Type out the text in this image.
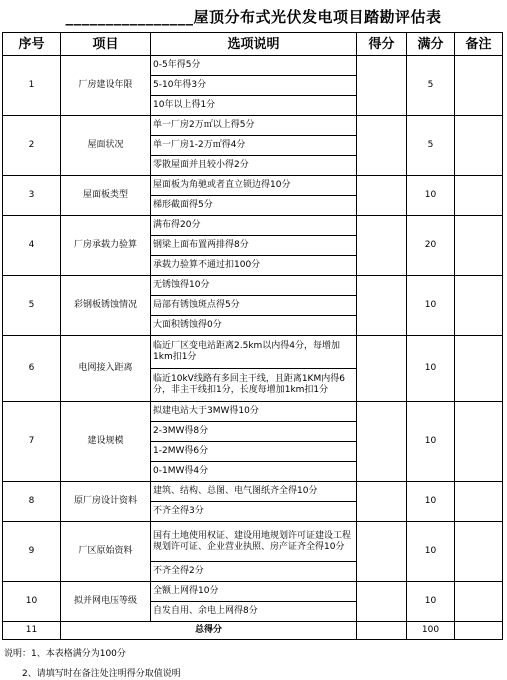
________________屋顶分布式光伏发电项目踏勘评估表
序号	项目	选项说明	得分	满分	备注
1	厂房建设年限	0-5年得5分		5	
		5-10年得3分			
		10年以上得1分			
2	屋面状况	单一厂房2万㎡以上得5分		5	
		单一厂房1-2万㎡得4分			
		零散屋面并且较小得2分			
3	屋面板类型	屋面板为角驰或者直立锁边得10分		10	
		梯形截面得5分			
4	厂房承载力验算	满布得20分		20	
		钢梁上面布置两排得8分			
		承载力验算不通过扣100分			
5	彩钢板锈蚀情况	无锈蚀得10分		10	
		局部有锈蚀斑点得5分			
		大面积锈蚀得0分			
6	电网接入距离	临近厂区变电站距离2.5km以内得4分，每增加1km扣1分		10	
		临近10kV线路有多回主干线，且距离1KM内得6分，非主干线扣1分，长度每增加1km扣1分			
7	建设规模	拟建电站大于3MW得10分		10	
		2-3MW得8分			
		1-2MW得6分			
		0-1MW得4分			
8	原厂房设计资料	建筑、结构、总图、电气图纸齐全得10分		10	
		不齐全得3分			
9	厂区原始资料	国有土地使用权证、建设用地规划许可证建设工程规划许可证、企业营业执照、房产证齐全得10分		10	
		不齐全得2分			
10	拟并网电压等级	全额上网得10分		10	
		自发自用、余电上网得8分			
11	总得分			100	
说明：1、本表格满分为100分
2、请填写时在备注处注明得分取值说明
